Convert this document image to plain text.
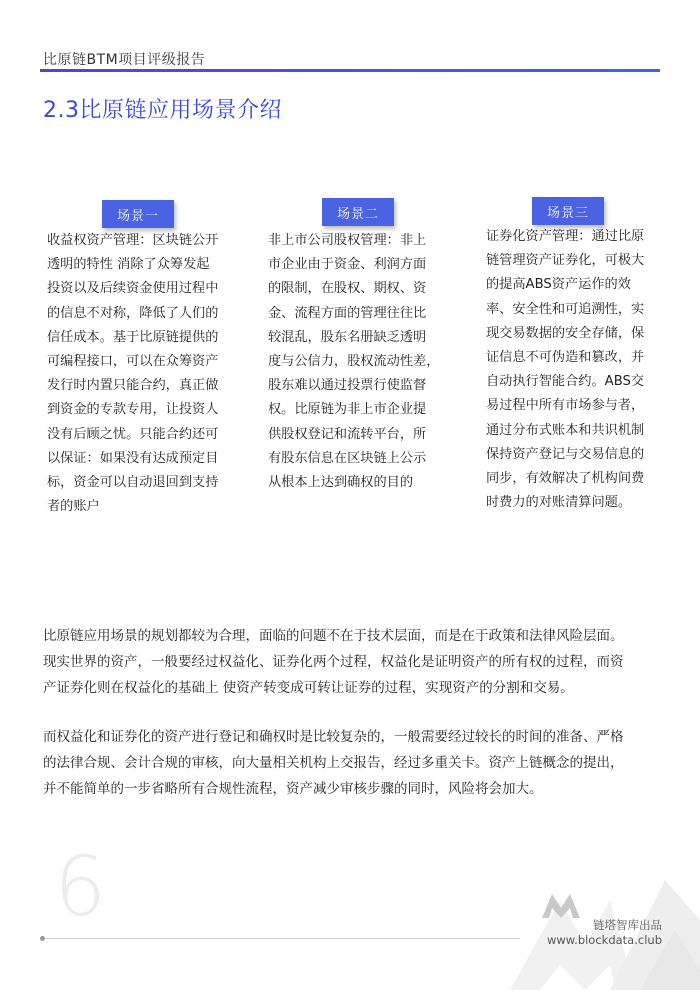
比原链BTM项目评级报告
2.3比原链应用场景介绍
场景一

收益权资产管理：区块链公开
透明的特性 消除了众筹发起
投资以及后续资金使用过程中
的信息不对称，降低了人们的
信任成本。基于比原链提供的
可编程接口，可以在众筹资产
发行时内置只能合约，真正做
到资金的专款专用，让投资人
没有后顾之忧。只能合约还可
以保证：如果没有达成预定目
标，资金可以自动退回到支持
者的账户

场景二

非上市公司股权管理：非上
市企业由于资金、利润方面
的限制，在股权、期权、资
金、流程方面的管理往往比
较混乱，股东名册缺乏透明
度与公信力，股权流动性差，
股东难以通过投票行使监督
权。比原链为非上市企业提
供股权登记和流转平台，所
有股东信息在区块链上公示
从根本上达到确权的目的

场景三

证券化资产管理：通过比原
链管理资产证券化，可极大
的提高ABS资产运作的效
率、安全性和可追溯性，实
现交易数据的安全存储，保
证信息不可伪造和篡改，并
自动执行智能合约。ABS交
易过程中所有市场参与者，
通过分布式账本和共识机制
保持资产登记与交易信息的
同步，有效解决了机构间费
时费力的对账清算问题。

比原链应用场景的规划都较为合理，面临的问题不在于技术层面，而是在于政策和法律风险层面。
现实世界的资产，一般要经过权益化、证券化两个过程，权益化是证明资产的所有权的过程，而资
产证券化则在权益化的基础上 使资产转变成可转让证券的过程，实现资产的分割和交易。

而权益化和证券化的资产进行登记和确权时是比较复杂的，一般需要经过较长的时间的准备、严格
的法律合规、会计合规的审核，向大量相关机构上交报告，经过多重关卡。资产上链概念的提出，
并不能简单的一步省略所有合规性流程，资产减少审核步骤的同时，风险将会加大。

6	链塔智库出品
www.blockdata.club
